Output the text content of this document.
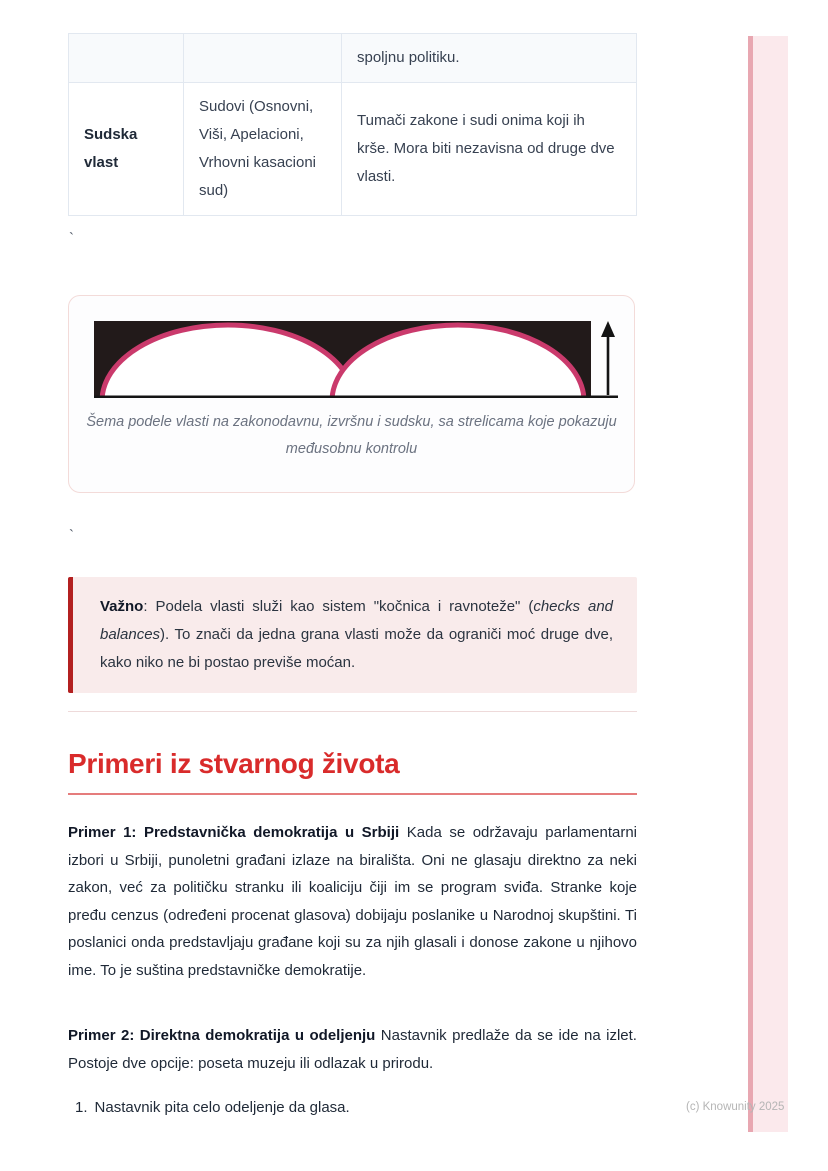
		spoljnu politiku.
Sudska vlast	Sudovi (Osnovni, Viši, Apelacioni, Vrhovni kasacioni sud)	Tumači zakone i sudi onima koji ih krše. Mora biti nezavisna od druge dve vlasti.
`
Šema podele vlasti na zakonodavnu, izvršnu i sudsku, sa strelicama koje pokazuju međusobnu kontrolu
`
Važno: Podela vlasti služi kao sistem "kočnica i ravnoteže" (checks and balances). To znači da jedna grana vlasti može da ograniči moć druge dve, kako niko ne bi postao previše moćan.
Primeri iz stvarnog života

Primer 1: Predstavnička demokratija u Srbiji Kada se održavaju parlamentarni izbori u Srbiji, punoletni građani izlaze na birališta. Oni ne glasaju direktno za neki zakon, već za političku stranku ili koaliciju čiji im se program sviđa. Stranke koje pređu cenzus (određeni procenat glasova) dobijaju poslanike u Narodnoj skupštini. Ti poslanici onda predstavljaju građane koji su za njih glasali i donose zakone u njihovo ime. To je suština predstavničke demokratije.

Primer 2: Direktna demokratija u odeljenju Nastavnik predlaže da se ide na izlet. Postoje dve opcije: poseta muzeju ili odlazak u prirodu.

1. Nastavnik pita celo odeljenje da glasa.	(c) Knowunity 2025
